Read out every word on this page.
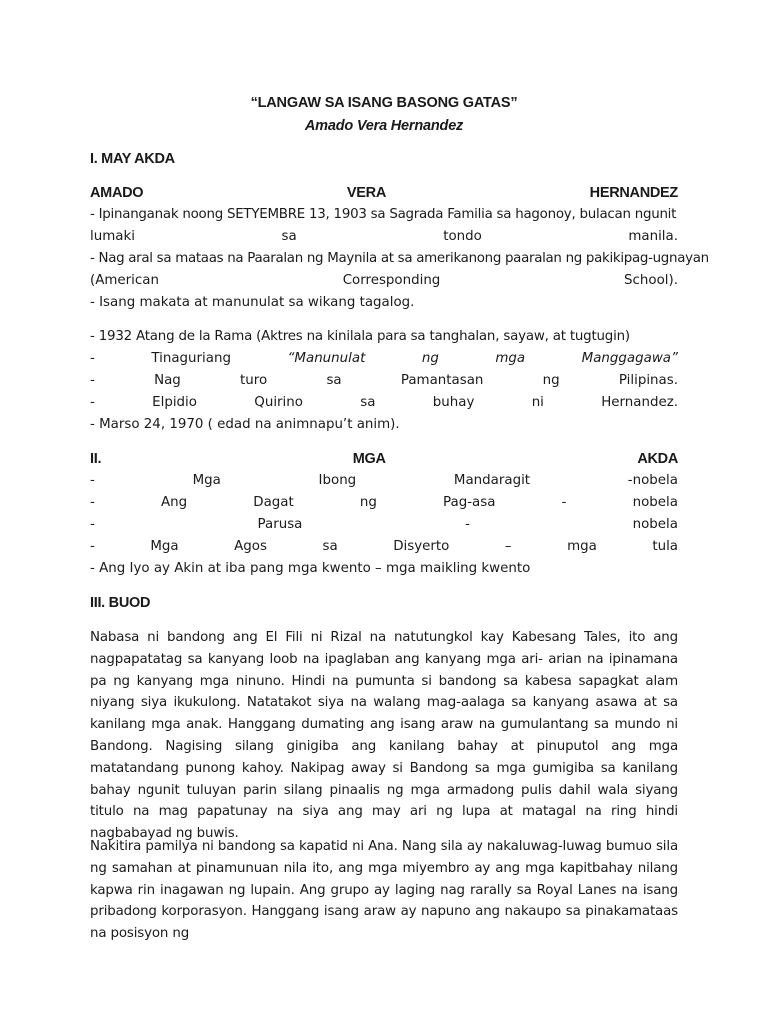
“LANGAW SA ISANG BASONG GATAS”
Amado Vera Hernandez
I. MAY AKDA
AMADO	VERA	HERNANDEZ
- Ipinanganak noong SETYEMBRE 13, 1903 sa Sagrada Familia sa hagonoy, bulacan ngunit
lumaki	sa	tondo	manila.
- Nag aral sa mataas na Paaralan ng Maynila at sa amerikanong paaralan ng pakikipag-ugnayan
(American	Corresponding	School).
- Isang makata at manunulat sa wikang tagalog.
- 1932 Atang de la Rama (Aktres na kinilala para sa tanghalan, sayaw, at tugtugin)
-	Tinaguriang	“Manunulat	ng	mga	Manggagawa”
-	Nag	turo	sa	Pamantasan	ng	Pilipinas.
-	Elpidio	Quirino	sa	buhay	ni	Hernandez.
- Marso 24, 1970 ( edad na animnapu’t anim).
II.	MGA	AKDA
-	Mga	Ibong	Mandaragit	-nobela
-	Ang	Dagat	ng	Pag-asa	-	nobela
-	Parusa	-	nobela
-	Mga	Agos	sa	Disyerto	–	mga	tula
- Ang Iyo ay Akin at iba pang mga kwento – mga maikling kwento
III. BUOD
Nabasa ni bandong ang El Fili ni Rizal na natutungkol kay Kabesang Tales, ito ang nagpapatatag sa kanyang loob na ipaglaban ang kanyang mga ari- arian na ipinamana pa ng kanyang mga ninuno. Hindi na pumunta si bandong sa kabesa sapagkat alam niyang siya ikukulong. Natatakot siya na walang mag-aalaga sa kanyang asawa at sa kanilang mga anak. Hanggang dumating ang isang araw na gumulantang sa mundo ni Bandong. Nagising silang ginigiba ang kanilang bahay at pinuputol ang mga matatandang punong kahoy. Nakipag away si Bandong sa mga gumigiba sa kanilang bahay ngunit tuluyan parin silang pinaalis ng mga armadong pulis dahil wala siyang titulo na mag papatunay na siya ang may ari ng lupa at matagal na ring hindi nagbabayad ng buwis.
Nakitira pamilya ni bandong sa kapatid ni Ana. Nang sila ay nakaluwag-luwag bumuo sila ng samahan at pinamunuan nila ito, ang mga miyembro ay ang mga kapitbahay nilang kapwa rin inagawan ng lupain. Ang grupo ay laging nag rarally sa Royal Lanes na isang pribadong korporasyon. Hanggang isang araw ay napuno ang nakaupo sa pinakamataas na posisyon ng
